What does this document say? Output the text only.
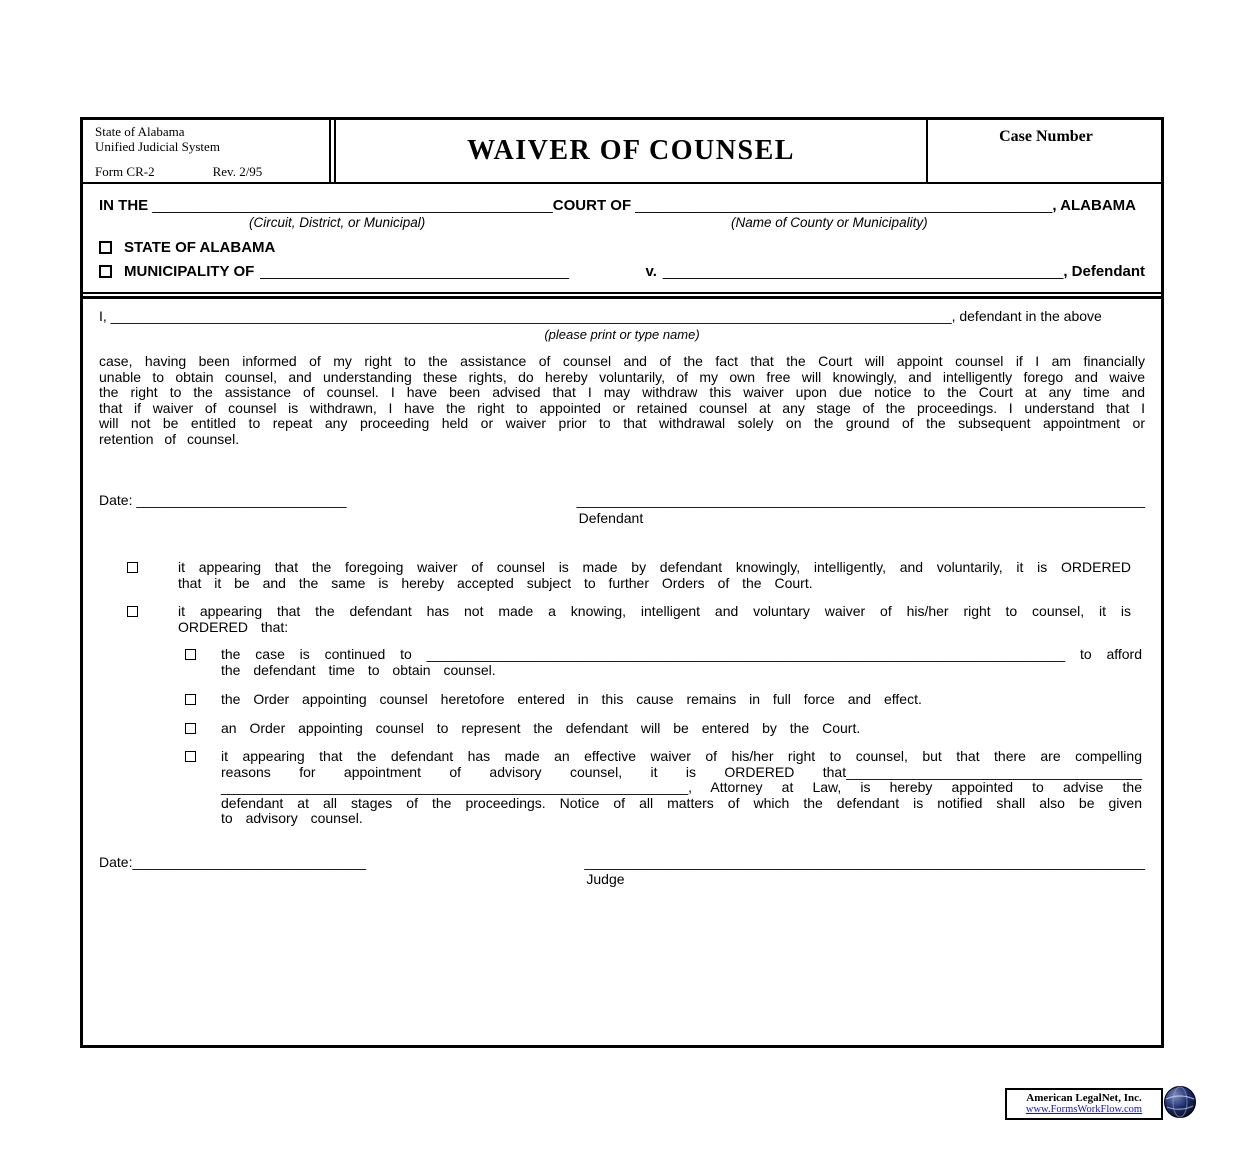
State of Alabama
Unified Judicial System
Form CR-2	Rev. 2/95
WAIVER OF COUNSEL	Case Number
IN THE ________________________________________________COURT OF __________________________________________________, ALABAMA
(Circuit, District, or Municipal)	(Name of County or Municipality)
STATE OF ALABAMA
MUNICIPALITY OF _____________________________________	v. ________________________________________________ , Defendant
I, ____________________________________________________________________________________________________________, defendant in the above
(please print or type name)
case, having been informed of my right to the assistance of counsel and of the fact that the Court will appoint counsel if I am financially unable to obtain counsel, and understanding these rights, do hereby voluntarily, of my own free will knowingly, and intelligently forego and waive the right to the assistance of counsel. I have been advised that I may withdraw this waiver upon due notice to the Court at any time and that if waiver of counsel is withdrawn, I have the right to appointed or retained counsel at any stage of the proceedings. I understand that I will not be entitled to repeat any proceeding held or waiver prior to that withdrawal solely on the ground of the subsequent appointment or retention of counsel.
Date: ___________________________	_________________________________________________________________________
Defendant
it appearing that the foregoing waiver of counsel is made by defendant knowingly, intelligently, and voluntarily, it is ORDERED that it be and the same is hereby accepted subject to further Orders of the Court.
it appearing that the defendant has not made a knowing, intelligent and voluntary waiver of his/her right to counsel, it is ORDERED that:
the case is continued to __________________________________________________________________________________ to afford the defendant time to obtain counsel.
the Order appointing counsel heretofore entered in this cause remains in full force and effect.
an Order appointing counsel to represent the defendant will be entered by the Court.
it appearing that the defendant has made an effective waiver of his/her right to counsel, but that there are compelling reasons for appointment of advisory counsel, it is ORDERED that__________________________________________________________________________________________________, Attorney at Law, is hereby appointed to advise the defendant at all stages of the proceedings. Notice of all matters of which the defendant is notified shall also be given to advisory counsel.
Date:______________________________	________________________________________________________________________
Judge
American LegalNet, Inc.
www.FormsWorkFlow.com
